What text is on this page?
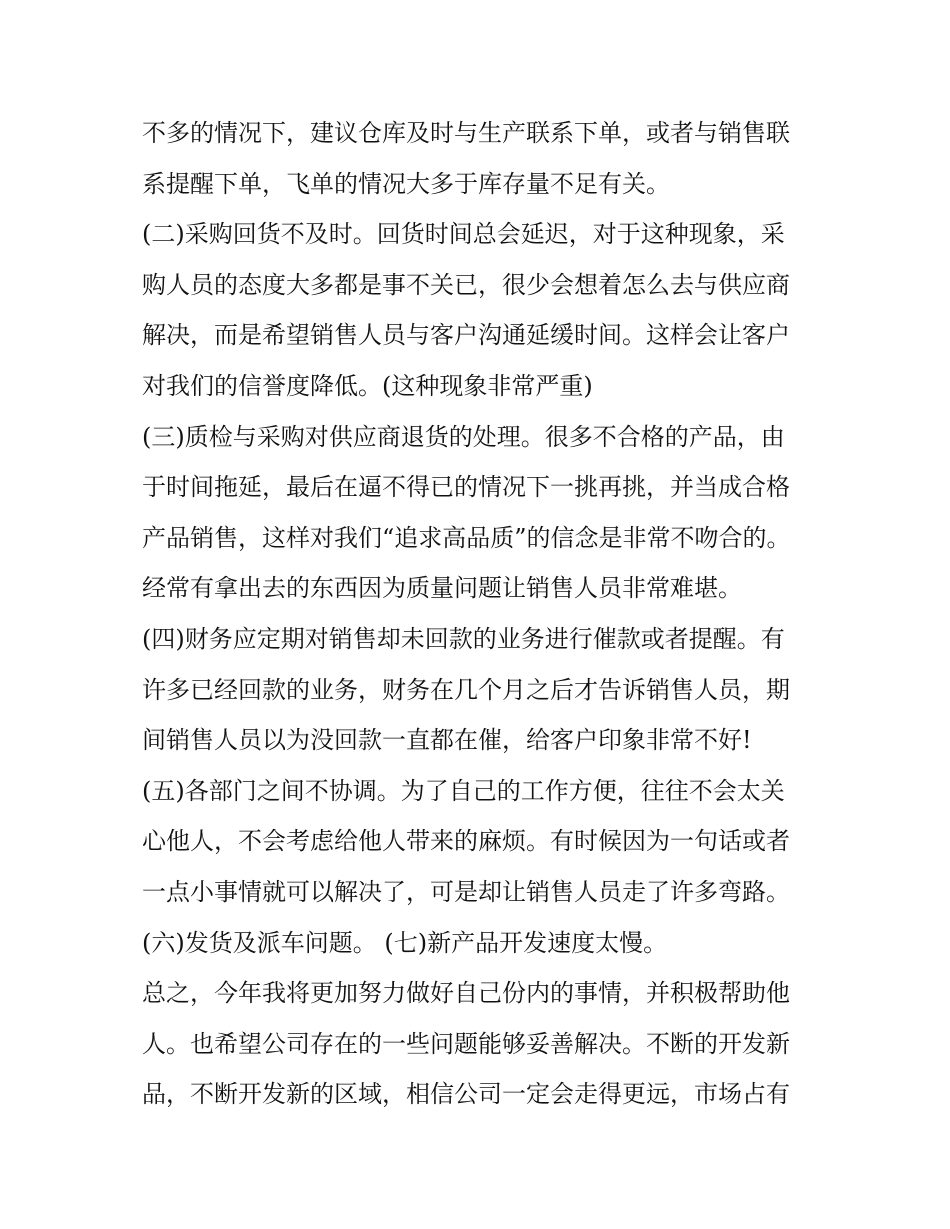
不多的情况下，建议仓库及时与生产联系下单，或者与销售联
系提醒下单，飞单的情况大多于库存量不足有关。
(二)采购回货不及时。回货时间总会延迟，对于这种现象，采
购人员的态度大多都是事不关已，很少会想着怎么去与供应商
解决，而是希望销售人员与客户沟通延缓时间。这样会让客户
对我们的信誉度降低。(这种现象非常严重)
(三)质检与采购对供应商退货的处理。很多不合格的产品，由
于时间拖延，最后在逼不得已的情况下一挑再挑，并当成合格
产品销售，这样对我们“追求高品质”的信念是非常不吻合的。
经常有拿出去的东西因为质量问题让销售人员非常难堪。
(四)财务应定期对销售却未回款的业务进行催款或者提醒。有
许多已经回款的业务，财务在几个月之后才告诉销售人员，期
间销售人员以为没回款一直都在催，给客户印象非常不好!
(五)各部门之间不协调。为了自己的工作方便，往往不会太关
心他人，不会考虑给他人带来的麻烦。有时候因为一句话或者
一点小事情就可以解决了，可是却让销售人员走了许多弯路。
(六)发货及派车问题。 (七)新产品开发速度太慢。
总之，今年我将更加努力做好自己份内的事情，并积极帮助他
人。也希望公司存在的一些问题能够妥善解决。不断的开发新
品，不断开发新的区域，相信公司一定会走得更远，市场占有
